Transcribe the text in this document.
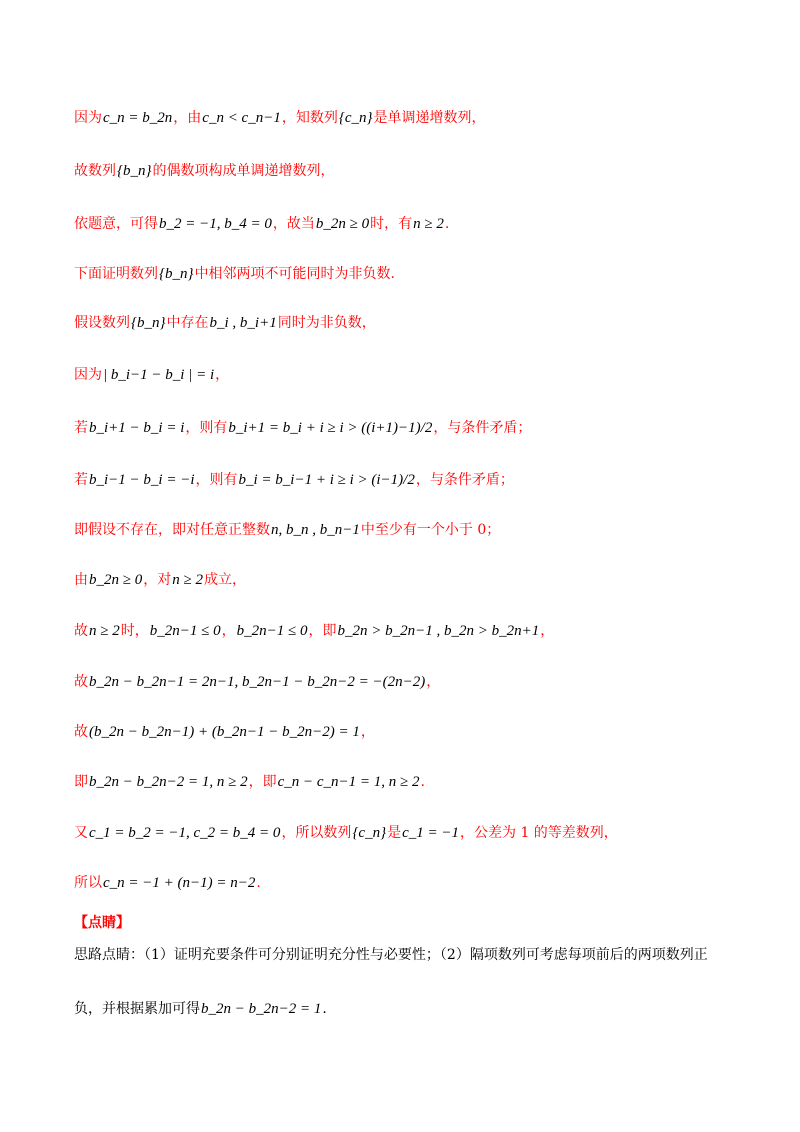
因为c_n = b_2n，由c_n < c_n−1，知数列{c_n}是单调递增数列，
故数列{b_n}的偶数项构成单调递增数列，
依题意，可得b_2 = −1, b_4 = 0，故当b_2n ≥ 0时，有n ≥ 2.
下面证明数列{b_n}中相邻两项不可能同时为非负数.
假设数列{b_n}中存在b_i , b_i+1同时为非负数，
因为| b_i−1 − b_i | = i，
若b_i+1 − b_i = i，则有b_i+1 = b_i + i ≥ i > ((i+1)−1)/2，与条件矛盾；
若b_i−1 − b_i = −i，则有b_i = b_i−1 + i ≥ i > (i−1)/2，与条件矛盾；
即假设不存在，即对任意正整数n, b_n , b_n−1中至少有一个小于 0；
由b_2n ≥ 0，对n ≥ 2成立，
故n ≥ 2时，b_2n−1 ≤ 0，b_2n−1 ≤ 0，即b_2n > b_2n−1 , b_2n > b_2n+1，
故b_2n − b_2n−1 = 2n−1, b_2n−1 − b_2n−2 = −(2n−2)，
故(b_2n − b_2n−1) + (b_2n−1 − b_2n−2) = 1，
即b_2n − b_2n−2 = 1, n ≥ 2，即c_n − c_n−1 = 1, n ≥ 2.
又c_1 = b_2 = −1, c_2 = b_4 = 0，所以数列{c_n}是c_1 = −1，公差为 1 的等差数列，
所以c_n = −1 + (n−1) = n−2.
思路点睛：（1）证明充要条件可分别证明充分性与必要性；（2）隔项数列可考虑每项前后的两项数列正
负，并根据累加可得b_2n − b_2n−2 = 1.
【点睛】
